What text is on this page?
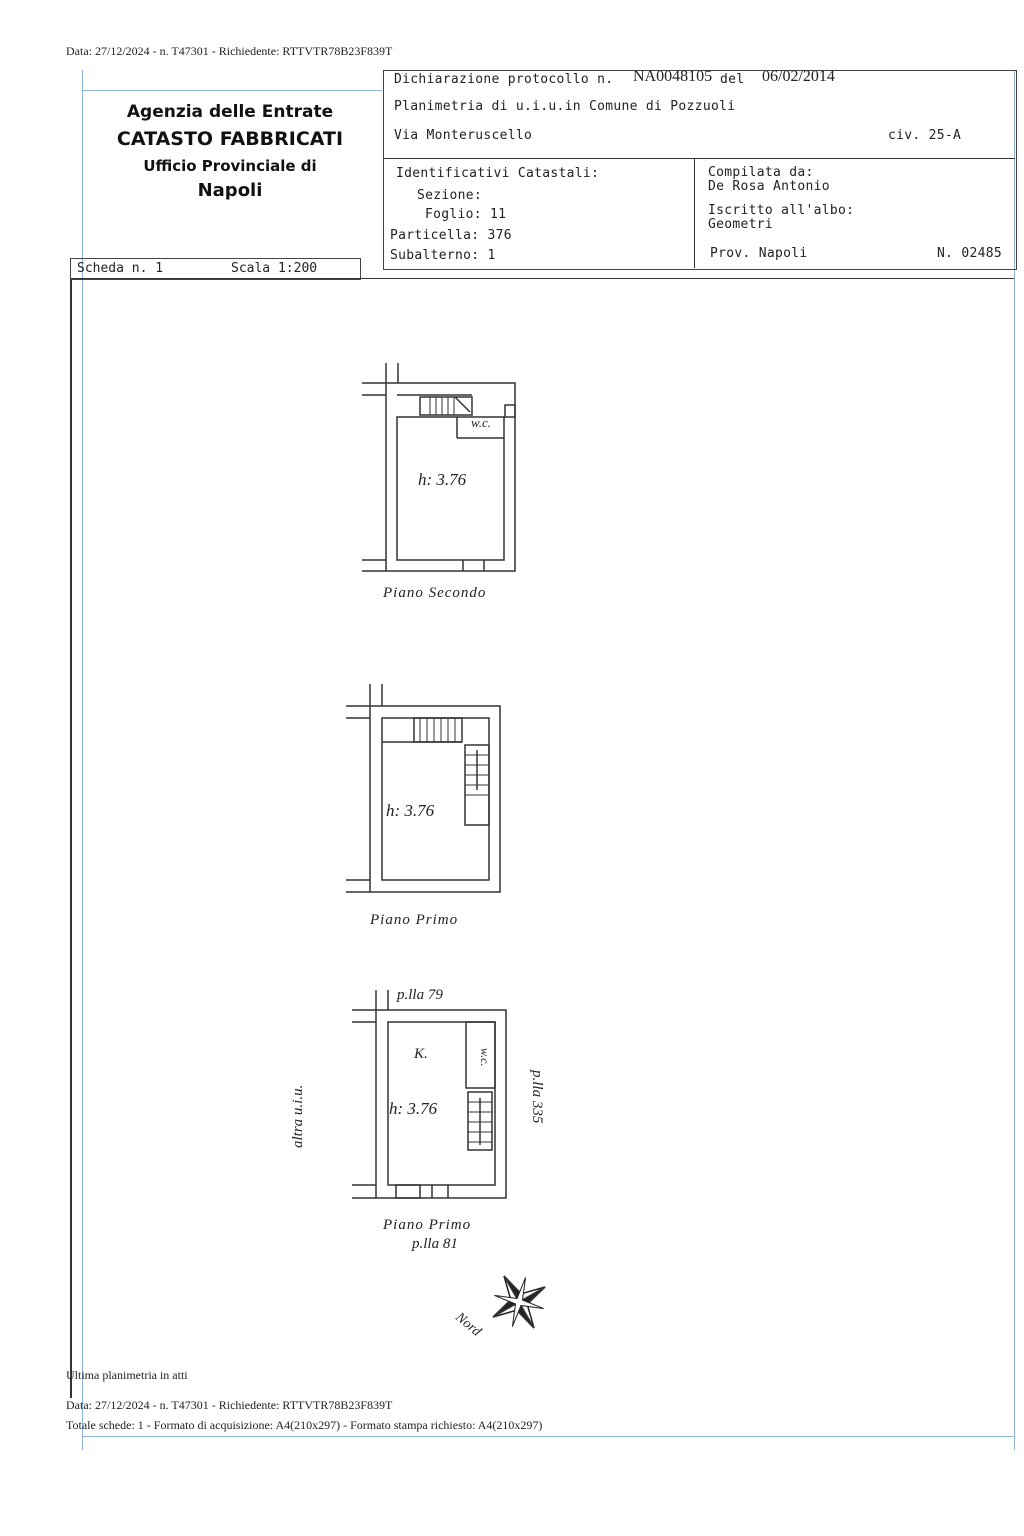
Data: 27/12/2024 - n. T47301 - Richiedente: RTTVTR78B23F839T
Agenzia delle Entrate
CATASTO FABBRICATI
Ufficio Provinciale di
Napoli
Scheda n. 1	Scala 1:200
Dichiarazione protocollo n. NA0048105 del 06/02/2014
Planimetria di u.i.u.in Comune di Pozzuoli
Via Monteruscello	civ. 25-A
Identificativi Catastali:
Sezione:
Foglio: 11
Particella: 376
Subalterno: 1
Compilata da:
De Rosa Antonio
Iscritto all'albo:
Geometri
Prov. Napoli	N. 02485
w.c.
h: 3.76
Piano Secondo
h: 3.76
Piano Primo
p.lla 79
K.	w.c.
h: 3.76
altra u.i.u.	p.lla 335
Piano Primo
p.lla 81
Nord
Ultima planimetria in atti
Data: 27/12/2024 - n. T47301 - Richiedente: RTTVTR78B23F839T
Totale schede: 1 - Formato di acquisizione: A4(210x297) - Formato stampa richiesto: A4(210x297)
